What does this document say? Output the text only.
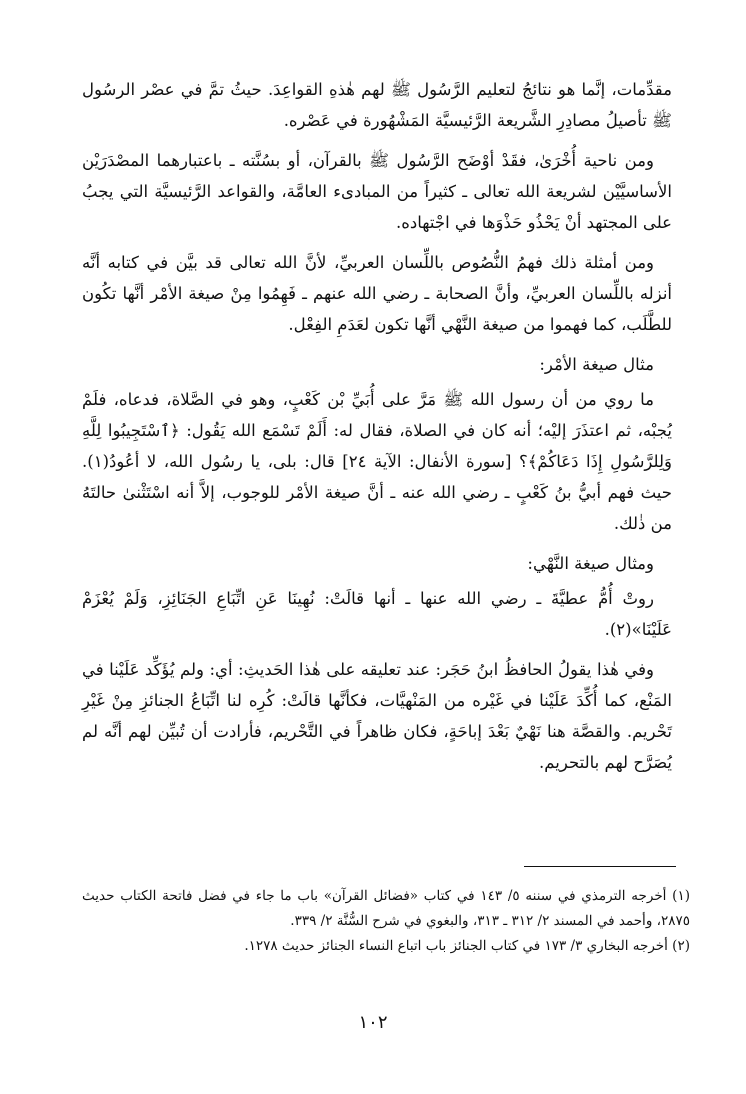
مقدِّمات، إنَّما هو نتائجُ لتعليم الرَّسُول ﷺ لهم هٰذهِ القواعِدَ. حيثُ تمَّ في عصْر الرسُول ﷺ تأصيلُ مصادِرِ الشَّريعة الرَّئيسيَّة المَشْهُورة في عَصْره.

ومن ناحية أُخْرَىٰ، فقَدْ أوْضَح الرَّسُول ﷺ بالقرآن، أو بسُنَّته ـ باعتبارهما المصْدَرَيْن الأساسيَّيْن لشريعة الله تعالى ـ كثيراً من المبادىء العامَّة، والقواعد الرَّئيسيَّة التي يجبُ على المجتهد أنْ يَحْذُو حَذْوَها في اجْتهاده.

ومن أمثلة ذلك فهمُ النُّصُوص باللِّسان العربيِّ، لأنَّ الله تعالى قد بيَّن في كتابه أنَّه أنزله باللِّسان العربيِّ، وأنَّ الصحابة ـ رضي الله عنهم ـ فَهِمُوا مِنْ صيغة الأمْر أنَّها تكُون للطَّلَب، كما فهموا من صيغة النَّهْي أنَّها تكون لعَدَمِ الفِعْل.

مثال صيغة الأمْر:

ما روي من أن رسول الله ﷺ مَرَّ على أُبَيِّ بْن كَعْبٍ، وهو في الصَّلاة، فدعاه، فلَمْ يُجبْه، ثم اعتذَرَ إليْه؛ أنه كان في الصلاة، فقال له: أَلَمْ تَسْمَع الله يَقُول: ﴿ٱسْتَجِيبُوا لِلَّهِ وَلِلرَّسُولِ إِذَا دَعَاكُمْ﴾؟ [سورة الأنفال: الآية ٢٤] قال: بلى، يا رسُول الله، لا أعُودُ(١). حيث فهم أبيُّ بنُ كَعْبٍ ـ رضي الله عنه ـ أنَّ صيغة الأمْر للوجوب، إلاَّ أنه اسْتَثْنىٰ حالتَهُ من ذٰلك.

ومثال صيغة النَّهْي:

روتْ أُمُّ عطيَّةَ ـ رضي الله عنها ـ أنها قالَتْ: نُهِينَا عَنِ اتِّبَاعِ الجَنَائِزِ، وَلَمْ يُعْزَمْ عَلَيْنَا»(٢).

وفي هٰذا يقولُ الحافظُ ابنُ حَجَر: عند تعليقه على هٰذا الحَديثِ: أي: ولم يُؤَكِّد عَلَيْنا في المَنْع، كما أُكِّدَ عَلَيْنا في غَيْره من المَنْهيَّات، فكأنَّها قالَتْ: كُرِه لنا اتِّبَاعُ الجنائزِ مِنْ غَيْرِ تَحْريم. والقصَّة هنا نَهْيٌ بَعْدَ إباحَةٍ، فكان ظاهراً في التَّحْريم، فأرادت أن تُبيِّن لهم أنَّه لم يُصَرَّح لهم بالتحريم.

(١) أخرجه الترمذي في سننه ٥/ ١٤٣ في كتاب «فضائل القرآن» باب ما جاء في فضل فاتحة الكتاب حديث ٢٨٧٥، وأحمد في المسند ٢/ ٣١٢ ـ ٣١٣، والبغوي في شرح السُّنَّة ٢/ ٣٣٩.

(٢) أخرجه البخاري ٣/ ١٧٣ في كتاب الجنائز باب اتباع النساء الجنائز حديث ١٢٧٨.

١٠٢
